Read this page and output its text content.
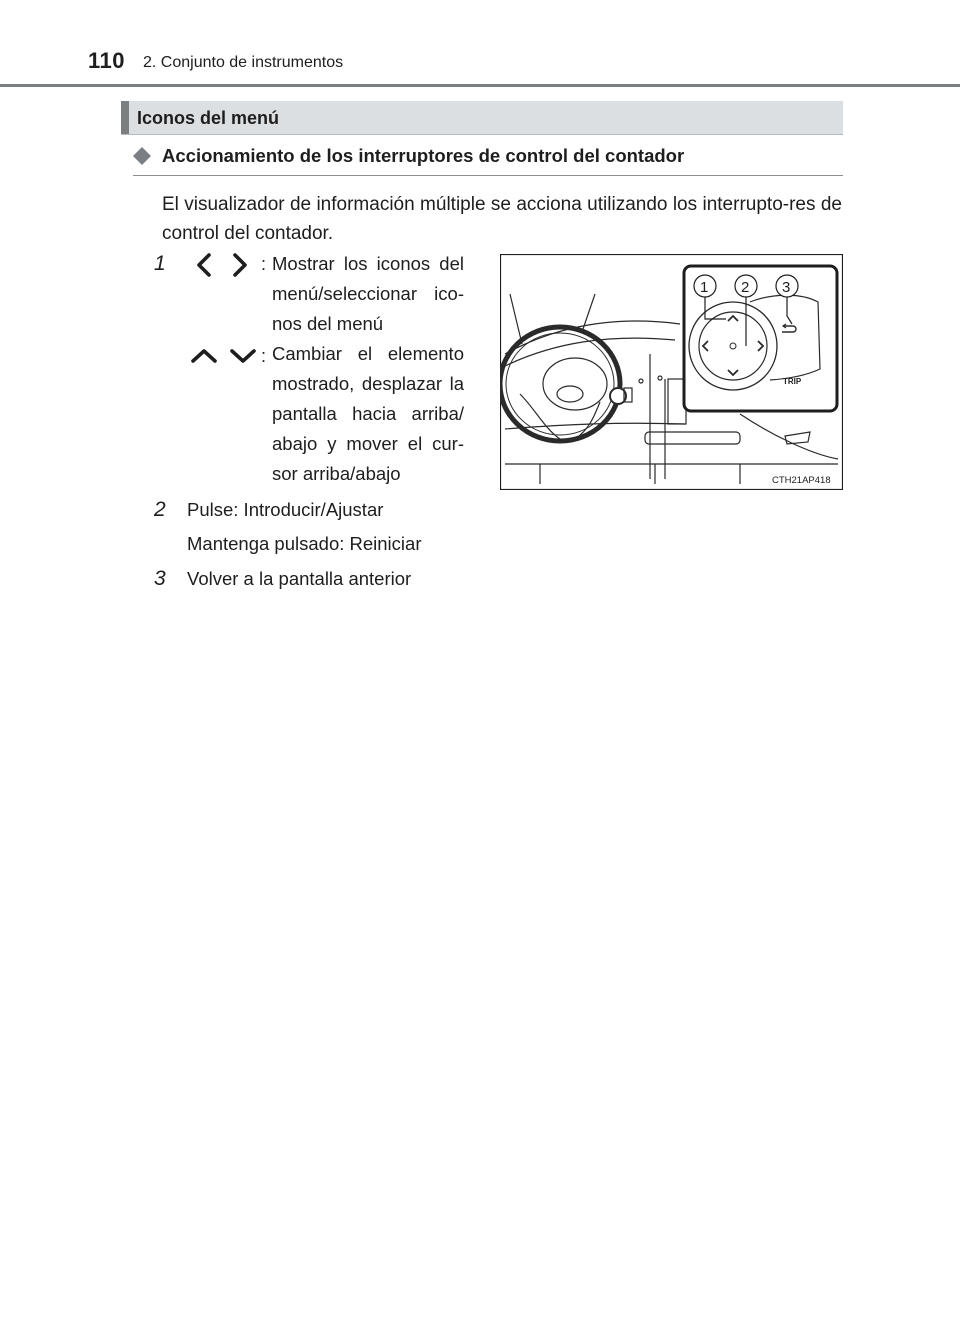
110 2. Conjunto de instrumentos
Iconos del menú
Accionamiento de los interruptores de control del contador
El visualizador de información múltiple se acciona utilizando los interrupto-res de control del contador.
1	: Mostrar los iconos del menú/seleccionar ico-nos del menú
: Cambiar el elemento mostrado, desplazar la pantalla hacia arriba/ abajo y mover el cur-sor arriba/abajo
2 Pulse: Introducir/Ajustar
Mantenga pulsado: Reiniciar
3 Volver a la pantalla anterior
TRIP
1 2 3
CTH21AP418
